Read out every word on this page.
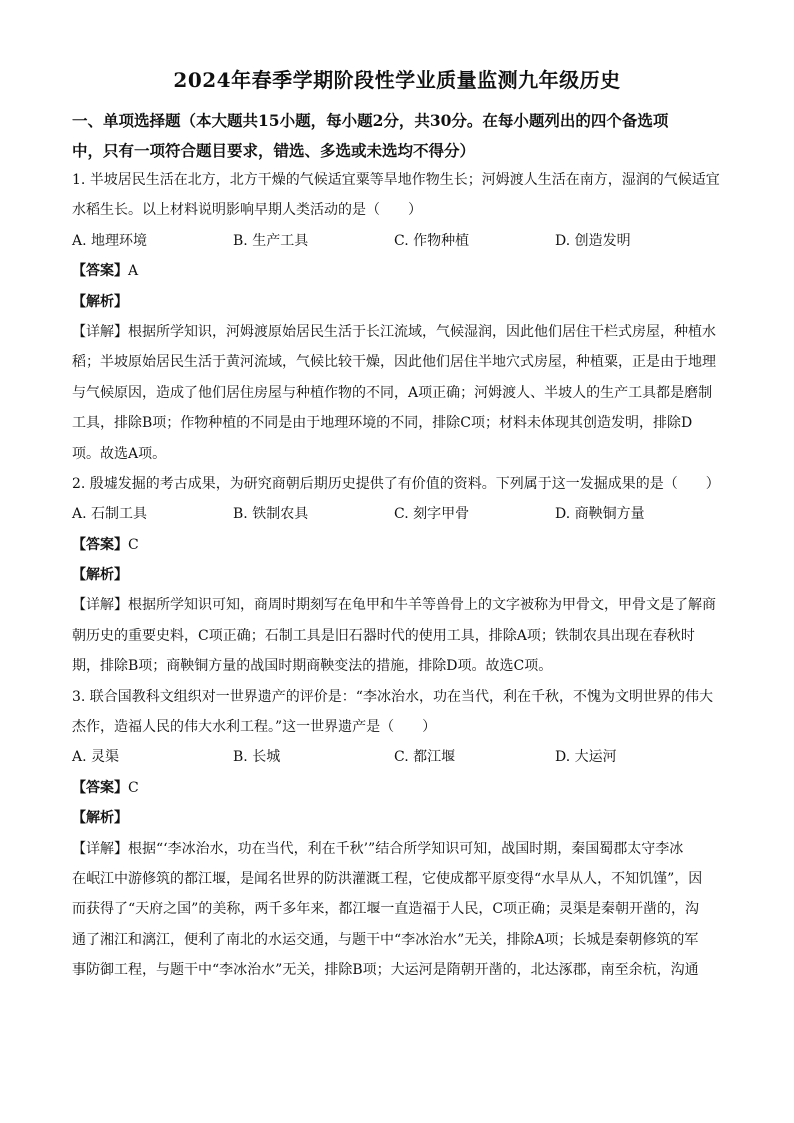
2024年春季学期阶段性学业质量监测九年级历史
一、单项选择题（本大题共15小题，每小题2分，共30分。在每小题列出的四个备选项
中，只有一项符合题目要求，错选、多选或未选均不得分）
1. 半坡居民生活在北方，北方干燥的气候适宜粟等旱地作物生长；河姆渡人生活在南方，湿润的气候适宜
水稻生长。以上材料说明影响早期人类活动的是（　　）
A. 地理环境	B. 生产工具	C. 作物种植	D. 创造发明
【答案】A
【解析】
【详解】根据所学知识，河姆渡原始居民生活于长江流域，气候湿润，因此他们居住干栏式房屋，种植水
稻；半坡原始居民生活于黄河流域，气候比较干燥，因此他们居住半地穴式房屋，种植粟，正是由于地理
与气候原因，造成了他们居住房屋与种植作物的不同，A项正确；河姆渡人、半坡人的生产工具都是磨制
工具，排除B项；作物种植的不同是由于地理环境的不同，排除C项；材料未体现其创造发明，排除D
项。故选A项。
2. 殷墟发掘的考古成果，为研究商朝后期历史提供了有价值的资料。下列属于这一发掘成果的是（　　）
A. 石制工具	B. 铁制农具	C. 刻字甲骨	D. 商鞅铜方量
【答案】C
【解析】
【详解】根据所学知识可知，商周时期刻写在龟甲和牛羊等兽骨上的文字被称为甲骨文，甲骨文是了解商
朝历史的重要史料，C项正确；石制工具是旧石器时代的使用工具，排除A项；铁制农具出现在春秋时
期，排除B项；商鞅铜方量的战国时期商鞅变法的措施，排除D项。故选C项。
3. 联合国教科文组织对一世界遗产的评价是：“李冰治水，功在当代，利在千秋，不愧为文明世界的伟大
杰作，造福人民的伟大水利工程。”这一世界遗产是（　　）
A. 灵渠	B. 长城	C. 都江堰	D. 大运河
【答案】C
【解析】
【详解】根据“‘李冰治水，功在当代，利在千秋’”结合所学知识可知，战国时期，秦国蜀郡太守李冰
在岷江中游修筑的都江堰，是闻名世界的防洪灌溉工程，它使成都平原变得“水旱从人，不知饥馑”，因
而获得了“天府之国”的美称，两千多年来，都江堰一直造福于人民，C项正确；灵渠是秦朝开凿的，沟
通了湘江和漓江，便利了南北的水运交通，与题干中“李冰治水”无关，排除A项；长城是秦朝修筑的军
事防御工程，与题干中“李冰治水”无关，排除B项；大运河是隋朝开凿的，北达涿郡，南至余杭，沟通
